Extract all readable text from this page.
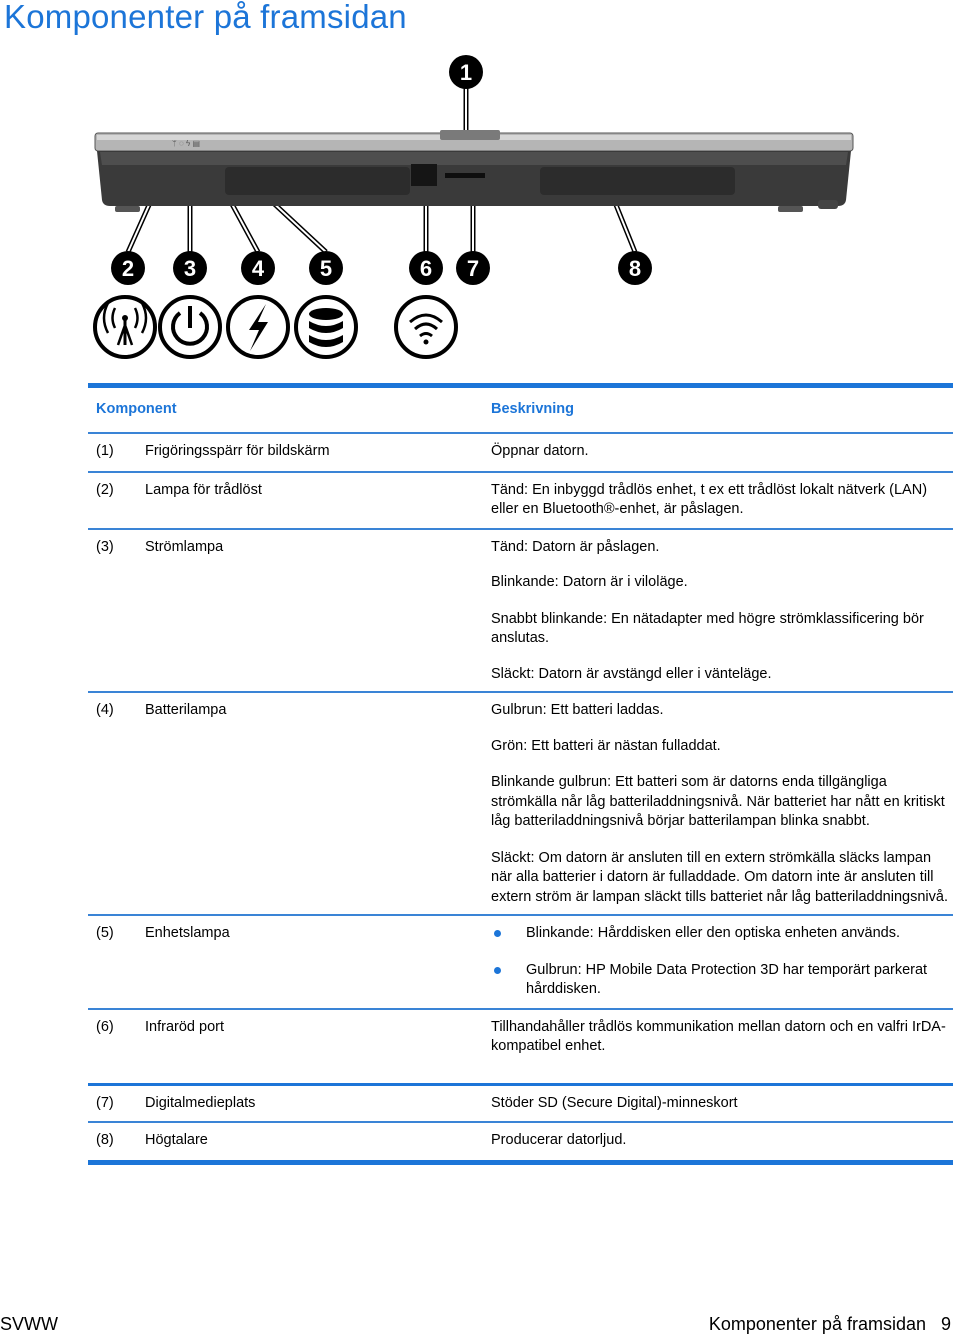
Komponenter på framsidan
ᛘ ◌ ϟ ▤
1
2 3	4	5	6 7	8
Komponent	Beskrivning
(1)	Frigöringsspärr för bildskärm	Öppnar datorn.

(2)	Lampa för trådlöst	Tänd: En inbyggd trådlös enhet, t ex ett trådlöst lokalt nätverk (LAN) eller en Bluetooth®-enhet, är påslagen.

(3)	Strömlampa	Tänd: Datorn är påslagen.

Blinkande: Datorn är i viloläge.

Snabbt blinkande: En nätadapter med högre strömklassificering bör anslutas.

Släckt: Datorn är avstängd eller i vänteläge.

(4)	Batterilampa	Gulbrun: Ett batteri laddas.

Grön: Ett batteri är nästan fulladdat.

Blinkande gulbrun: Ett batteri som är datorns enda tillgängliga strömkälla når låg batteriladdningsnivå. När batteriet har nått en kritiskt låg batteriladdningsnivå börjar batterilampan blinka snabbt.

Släckt: Om datorn är ansluten till en extern strömkälla släcks lampan när alla batterier i datorn är fulladdade. Om datorn inte är ansluten till extern ström är lampan släckt tills batteriet når låg batteriladdningsnivå.

(5)	Enhetslampa	Blinkande: Hårddisken eller den optiska enheten används.

Gulbrun: HP Mobile Data Protection 3D har temporärt parkerat hårddisken.

(6)	Infraröd port	Tillhandahåller trådlös kommunikation mellan datorn och en valfri IrDA-kompatibel enhet.

(7)	Digitalmedieplats	Stöder SD (Secure Digital)-minneskort

(8)	Högtalare	Producerar datorljud.

SVWW	Komponenter på framsidan   9
